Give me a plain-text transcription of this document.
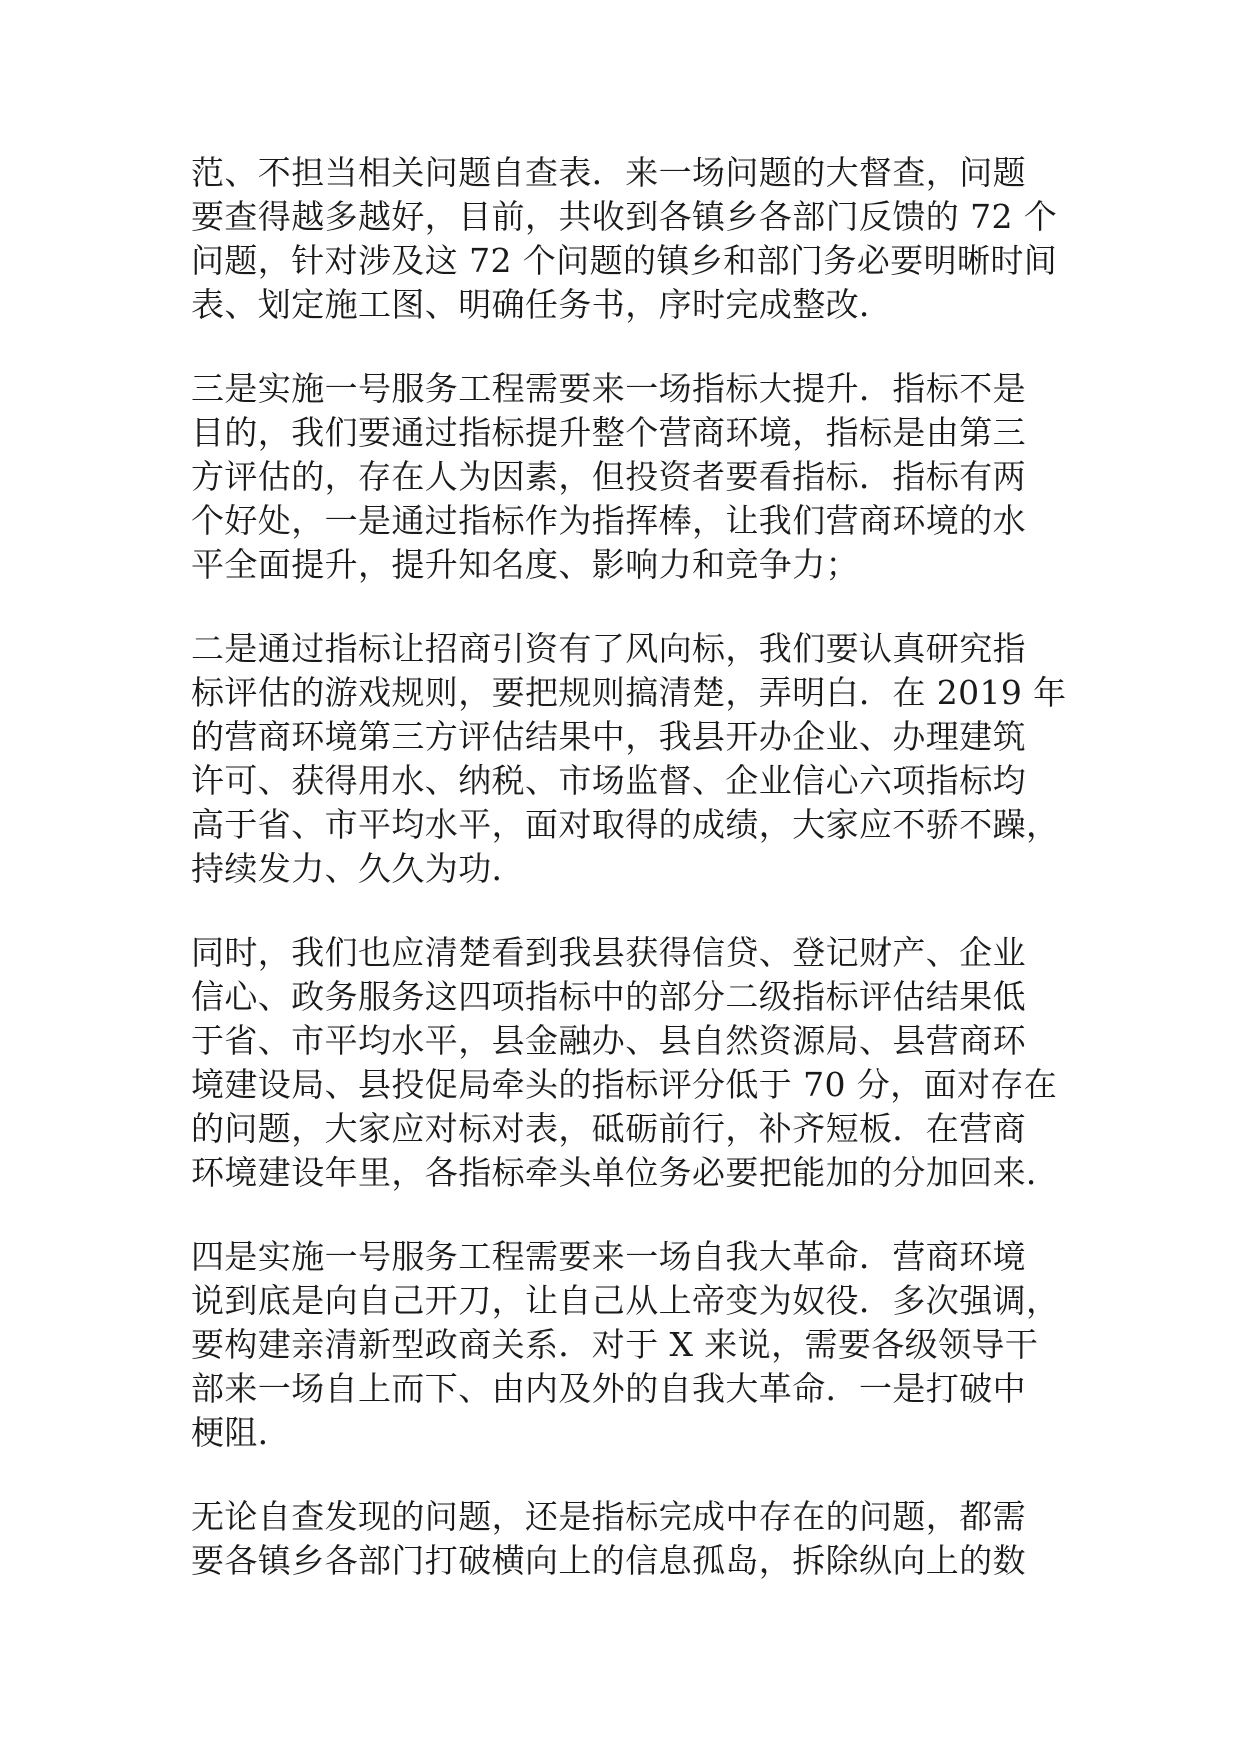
范、不担当相关问题自查表．来一场问题的大督查，问题
要查得越多越好，目前，共收到各镇乡各部门反馈的 72 个
问题，针对涉及这 72 个问题的镇乡和部门务必要明晰时间
表、划定施工图、明确任务书，序时完成整改．
三是实施一号服务工程需要来一场指标大提升．指标不是
目的，我们要通过指标提升整个营商环境，指标是由第三
方评估的，存在人为因素，但投资者要看指标．指标有两
个好处，一是通过指标作为指挥棒，让我们营商环境的水
平全面提升，提升知名度、影响力和竞争力；
二是通过指标让招商引资有了风向标，我们要认真研究指
标评估的游戏规则，要把规则搞清楚，弄明白．在 2019 年
的营商环境第三方评估结果中，我县开办企业、办理建筑
许可、获得用水、纳税、市场监督、企业信心六项指标均
高于省、市平均水平，面对取得的成绩，大家应不骄不躁，
持续发力、久久为功．
同时，我们也应清楚看到我县获得信贷、登记财产、企业
信心、政务服务这四项指标中的部分二级指标评估结果低
于省、市平均水平，县金融办、县自然资源局、县营商环
境建设局、县投促局牵头的指标评分低于 70 分，面对存在
的问题，大家应对标对表，砥砺前行，补齐短板．在营商
环境建设年里，各指标牵头单位务必要把能加的分加回来．
四是实施一号服务工程需要来一场自我大革命．营商环境
说到底是向自己开刀，让自己从上帝变为奴役．多次强调，
要构建亲清新型政商关系．对于 X 来说，需要各级领导干
部来一场自上而下、由内及外的自我大革命．一是打破中
梗阻．
无论自查发现的问题，还是指标完成中存在的问题，都需
要各镇乡各部门打破横向上的信息孤岛，拆除纵向上的数
